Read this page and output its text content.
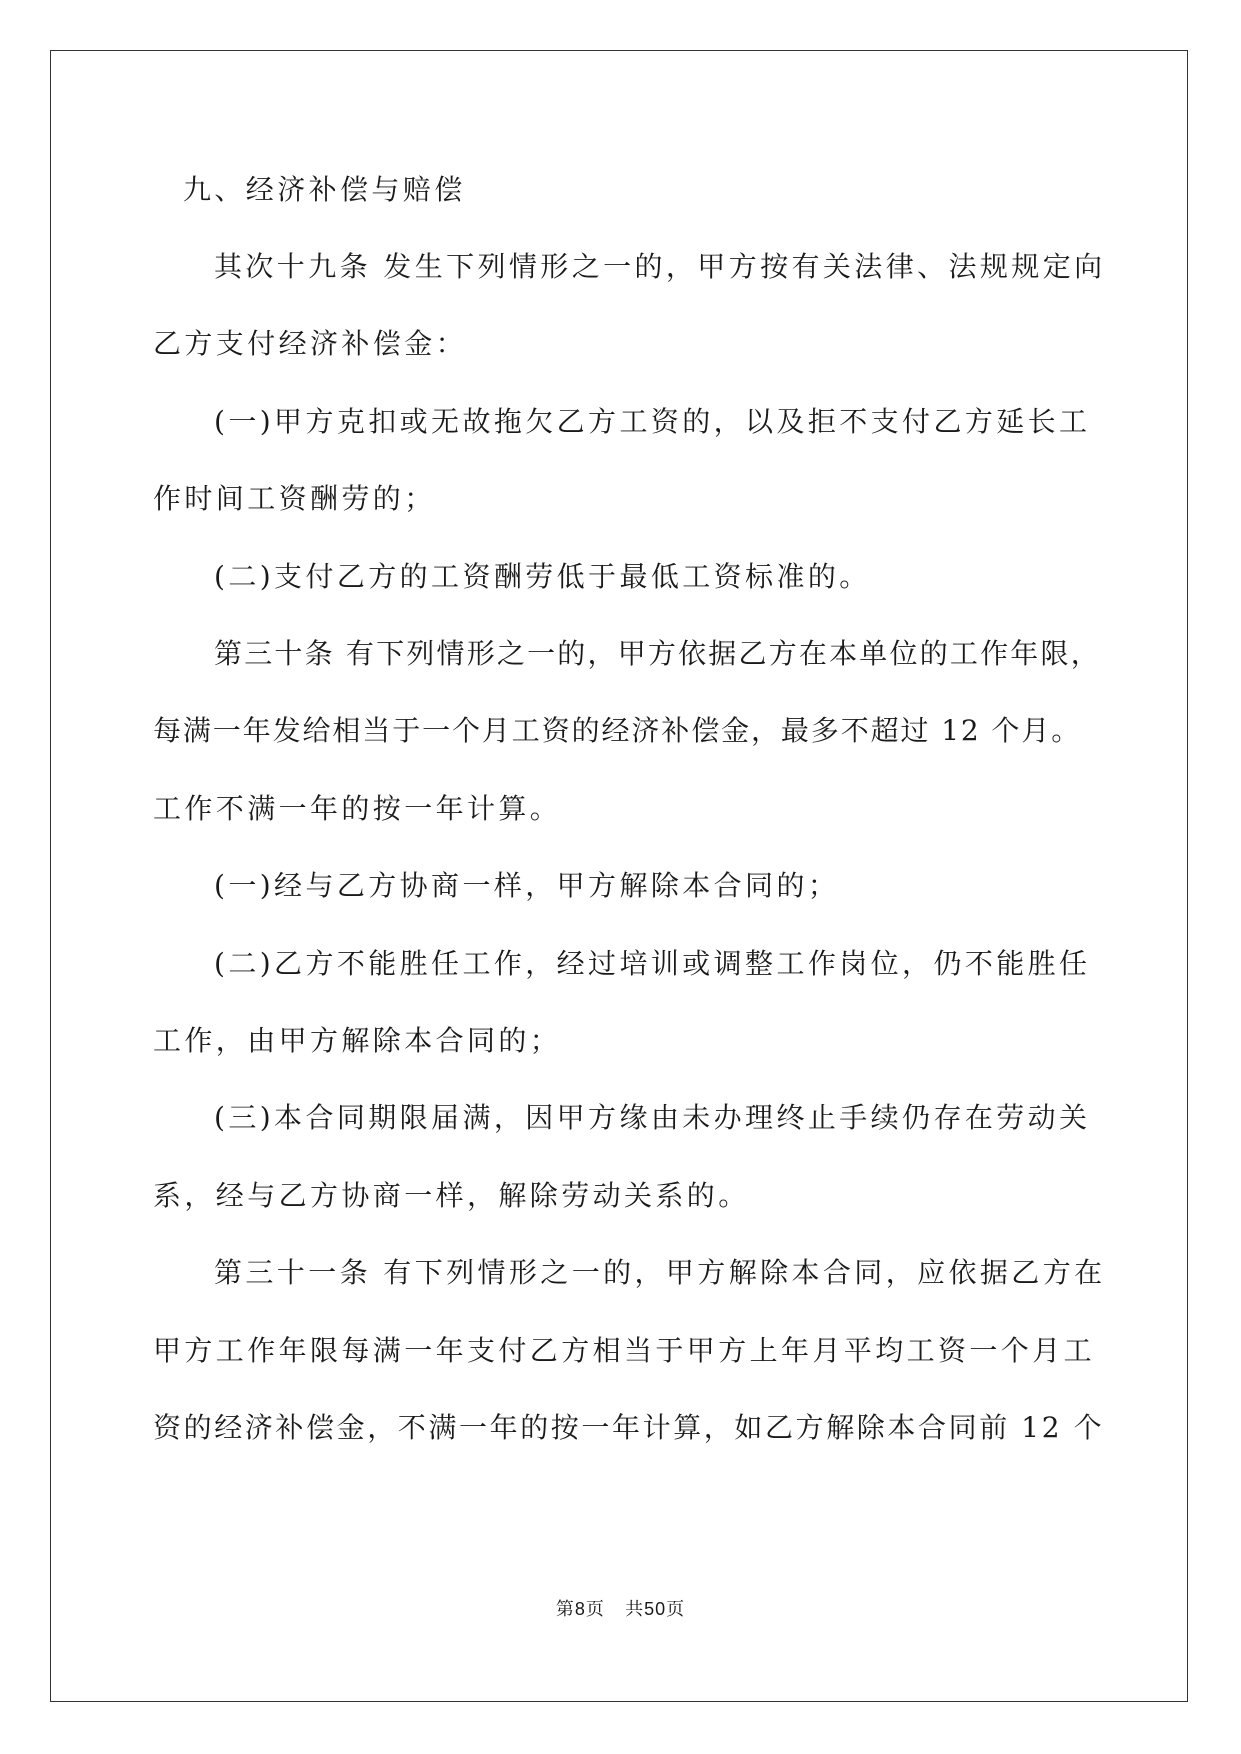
九、经济补偿与赔偿
其次十九条 发生下列情形之一的，甲方按有关法律、法规规定向
乙方支付经济补偿金：
(一)甲方克扣或无故拖欠乙方工资的，以及拒不支付乙方延长工
作时间工资酬劳的；
(二)支付乙方的工资酬劳低于最低工资标准的。
第三十条 有下列情形之一的，甲方依据乙方在本单位的工作年限，
每满一年发给相当于一个月工资的经济补偿金，最多不超过 12 个月。
工作不满一年的按一年计算。
(一)经与乙方协商一样，甲方解除本合同的；
(二)乙方不能胜任工作，经过培训或调整工作岗位，仍不能胜任
工作，由甲方解除本合同的；
(三)本合同期限届满，因甲方缘由未办理终止手续仍存在劳动关
系，经与乙方协商一样，解除劳动关系的。
第三十一条 有下列情形之一的，甲方解除本合同，应依据乙方在
甲方工作年限每满一年支付乙方相当于甲方上年月平均工资一个月工
资的经济补偿金，不满一年的按一年计算，如乙方解除本合同前 12 个
第8页   共50页
